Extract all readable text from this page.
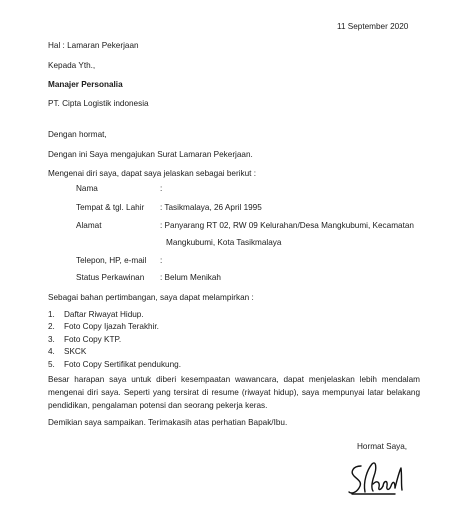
11 September 2020
Hal : Lamaran Pekerjaan
Kepada Yth.,
Manajer Personalia
PT. Cipta Logistik indonesia
Dengan hormat,
Dengan ini Saya mengajukan Surat Lamaran Pekerjaan.
Mengenai diri saya, dapat saya jelaskan sebagai berikut :
Nama	:
Tempat & tgl. Lahir : Tasikmalaya, 26 April 1995
Alamat	: Panyarang RT 02, RW 09 Kelurahan/Desa Mangkubumi, Kecamatan
Mangkubumi, Kota Tasikmalaya
Telepon, HP, e-mail :
Status Perkawinan : Belum Menikah
Sebagai bahan pertimbangan, saya dapat melampirkan :
1. Daftar Riwayat Hidup.
2. Foto Copy Ijazah Terakhir.
3. Foto Copy KTP.
4. SKCK
5. Foto Copy Sertifikat pendukung.
Besar harapan saya untuk diberi kesempaatan wawancara, dapat menjelaskan lebih mendalam mengenai diri saya. Seperti yang tersirat di resume (riwayat hidup), saya mempunyai latar belakang pendidikan, pengalaman potensi dan seorang pekerja keras.
Demikian saya sampaikan. Terimakasih atas perhatian Bapak/Ibu.
Hormat Saya,
